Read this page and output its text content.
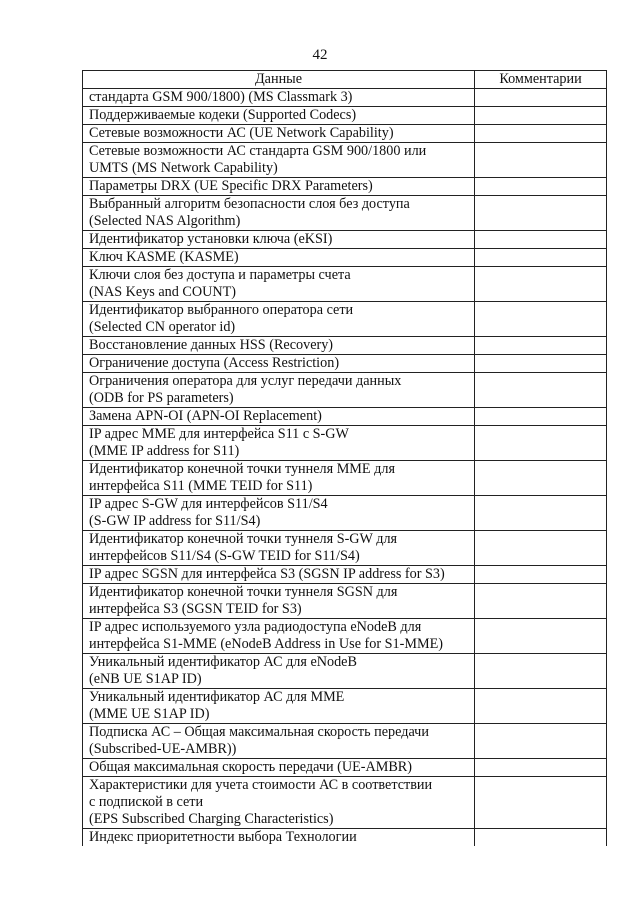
42
Данные	Комментарии

стандарта GSM 900/1800) (MS Classmark 3)	

Поддерживаемые кодеки (Supported Codecs)	

Сетевые возможности АС (UE Network Capability)	

Сетевые возможности АС стандарта GSM 900/1800 или
UMTS (MS Network Capability)	

Параметры DRX (UE Specific DRX Parameters)	

Выбранный алгоритм безопасности слоя без доступа
(Selected NAS Algorithm)	

Идентификатор установки ключа (eKSI)	

Ключ KASME (KASME)	

Ключи слоя без доступа и параметры счета
(NAS Keys and COUNT)	

Идентификатор выбранного оператора сети
(Selected CN operator id)	

Восстановление данных HSS (Recovery)	

Ограничение доступа (Access Restriction)	

Ограничения оператора для услуг передачи данных
(ODB for PS parameters)	

Замена APN-OI (APN-OI Replacement)	

IP адрес MME для интерфейса S11 с S-GW
(MME IP address for S11)	

Идентификатор конечной точки туннеля MME для
интерфейса S11 (MME TEID for S11)	

IP адрес S-GW для интерфейсов S11/S4
(S-GW IP address for S11/S4)	

Идентификатор конечной точки туннеля S-GW для
интерфейсов S11/S4 (S-GW TEID for S11/S4)	

IP адрес SGSN для интерфейса S3 (SGSN IP address for S3)	

Идентификатор конечной точки туннеля SGSN для
интерфейса S3 (SGSN TEID for S3)	

IP адрес используемого узла радиодоступа eNodeB для
интерфейса S1-MME (eNodeB Address in Use for S1-MME)	

Уникальный идентификатор АС для eNodeB
(eNB UE S1AP ID)	

Уникальный идентификатор АС для MME
(MME UE S1AP ID)	

Подписка АС – Общая максимальная скорость передачи
(Subscribed-UE-AMBR))	

Общая максимальная скорость передачи (UE-AMBR)	

Характеристики для учета стоимости АС в соответствии
с подпиской в сети
(EPS Subscribed Charging Characteristics)	

Индекс приоритетности выбора Технологии	
